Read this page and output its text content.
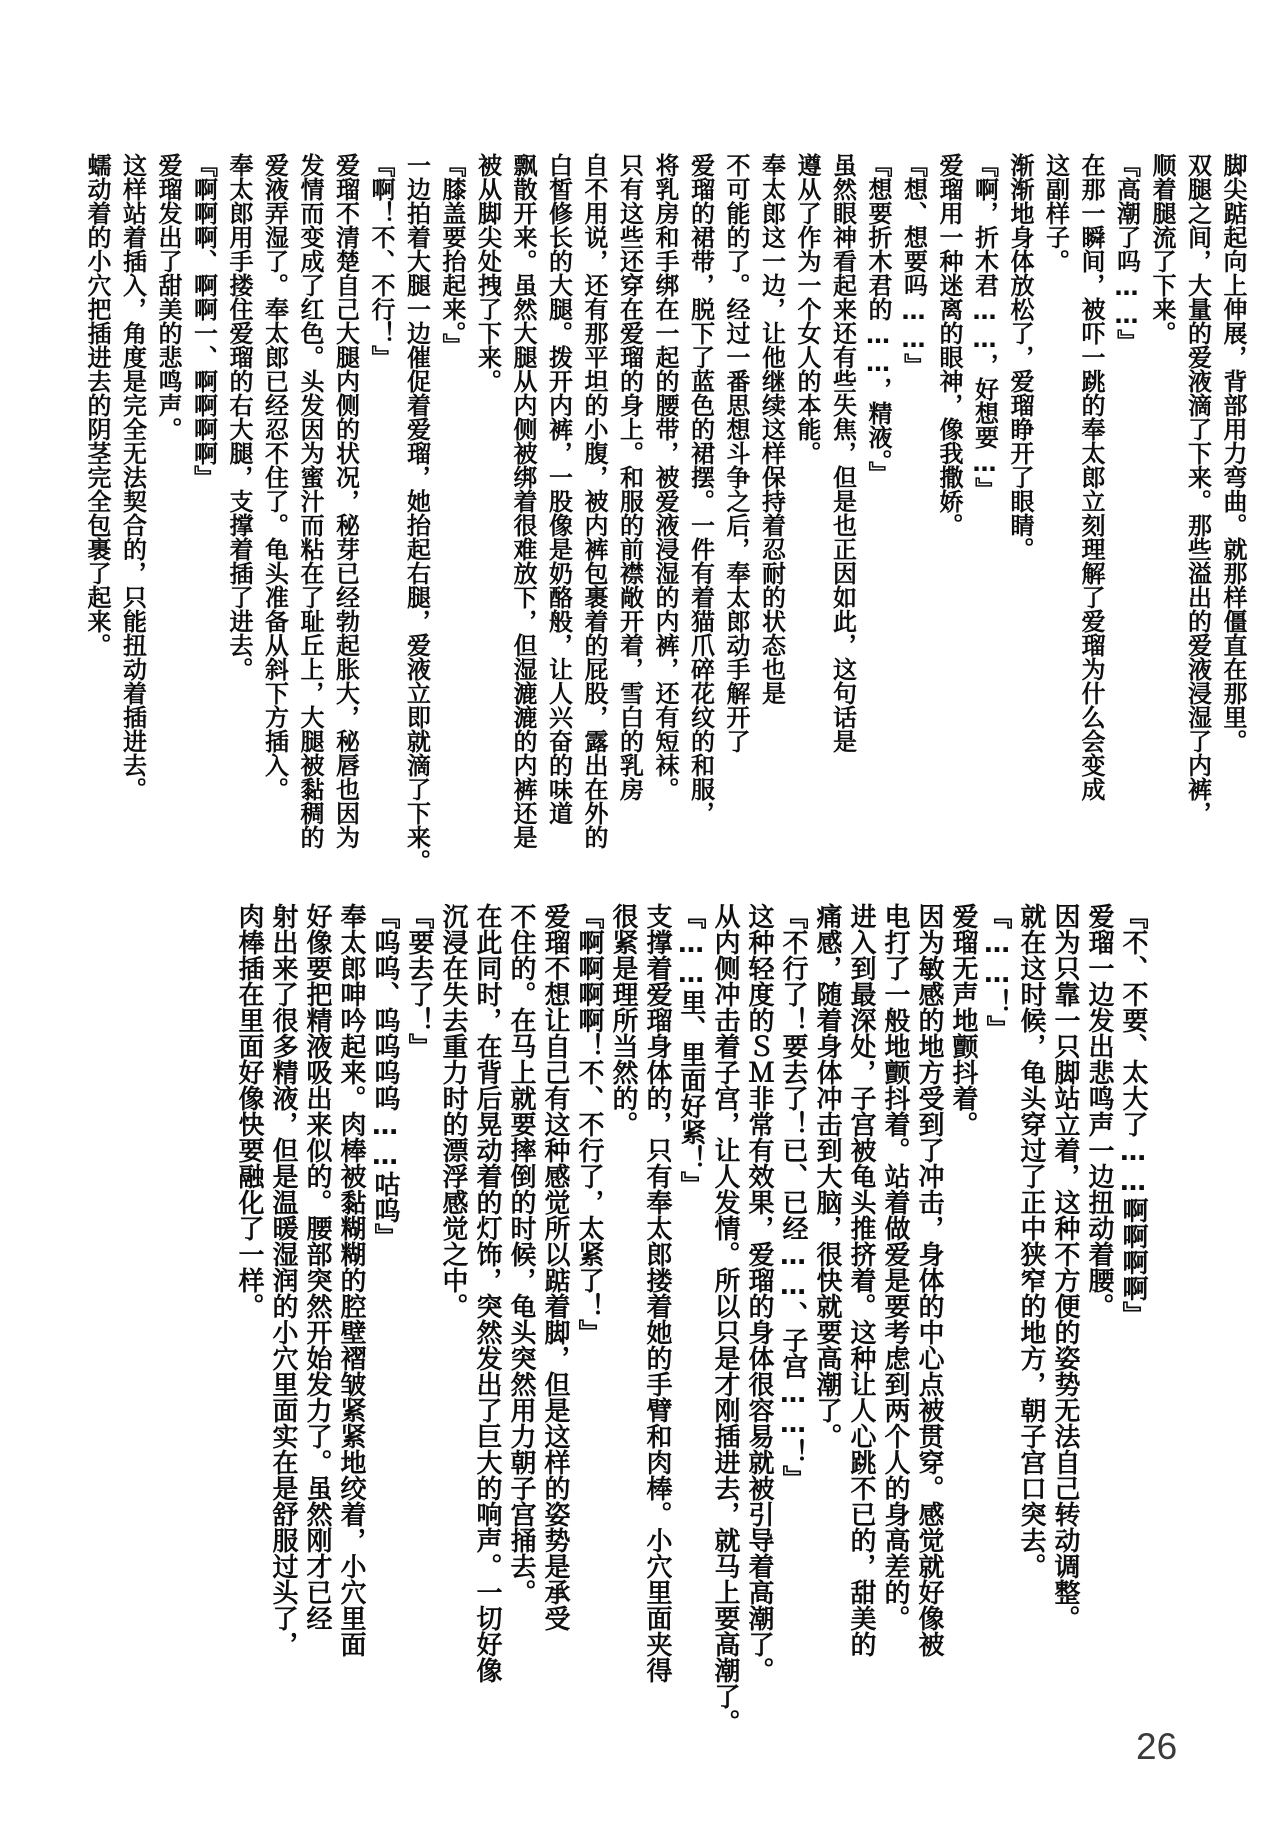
脚尖踮起向上伸展，背部用力弯曲。就那样僵直在那里。
双腿之间，大量的爱液滴了下来。那些溢出的爱液浸湿了内裤，
顺着腿流了下来。
『高潮了吗……』
在那一瞬间，被吓一跳的奉太郎立刻理解了爱瑠为什么会变成
这副样子。
渐渐地身体放松了，爱瑠睁开了眼睛。
『啊，折木君……，好想要…』
爱瑠用一种迷离的眼神，像我撒娇。
『想、想要吗……』
『想要折木君的……，精液。』
虽然眼神看起来还有些失焦，但是也正因如此，这句话是
遵从了作为一个女人的本能。
奉太郎这一边，让他继续这样保持着忍耐的状态也是
不可能的了。经过一番思想斗争之后，奉太郎动手解开了
爱瑠的裙带，脱下了蓝色的裙摆。一件有着猫爪碎花纹的和服，
将乳房和手绑在一起的腰带，被爱液浸湿的内裤，还有短袜。
只有这些还穿在爱瑠的身上。和服的前襟敞开着，雪白的乳房
自不用说，还有那平坦的小腹，被内裤包裹着的屁股，露出在外的
白皙修长的大腿。拨开内裤，一股像是奶酪般，让人兴奋的味道
飘散开来。虽然大腿从内侧被绑着很难放下，但湿漉漉的内裤还是
被从脚尖处拽了下来。
『膝盖要抬起来。』
一边拍着大腿一边催促着爱瑠，她抬起右腿，爱液立即就滴了下来。
『啊！不、不行！』
爱瑠不清楚自己大腿内侧的状况，秘芽已经勃起胀大，秘唇也因为
发情而变成了红色。头发因为蜜汁而粘在了耻丘上，大腿被黏稠的
爱液弄湿了。奉太郎已经忍不住了。龟头准备从斜下方插入。
奉太郎用手搂住爱瑠的右大腿，支撑着插了进去。
『啊啊啊、啊啊一、啊啊啊啊』
爱瑠发出了甜美的悲鸣声。
这样站着插入，角度是完全无法契合的，只能扭动着插进去。
蠕动着的小穴把插进去的阴茎完全包裹了起来。
『不、不要、太大了……啊啊啊啊』
爱瑠一边发出悲鸣声一边扭动着腰。
因为只靠一只脚站立着，这种不方便的姿势无法自己转动调整。
就在这时候，龟头穿过了正中狭窄的地方，朝子宫口突去。
『……！』
爱瑠无声地颤抖着。
因为敏感的地方受到了冲击，身体的中心点被贯穿。感觉就好像被
电打了一般地颤抖着。站着做爱是要考虑到两个人的身高差的。
进入到最深处，子宫被龟头推挤着。这种让人心跳不已的，甜美的
痛感，随着身体冲击到大脑，很快就要高潮了。
『不行了！要去了！已、已经……、子宫……！』
这种轻度的ＳＭ非常有效果，爱瑠的身体很容易就被引导着高潮了。
从内侧冲击着子宫，让人发情。所以只是才刚插进去，就马上要高潮了。
『……里、里面好紧！』
支撑着爱瑠身体的，只有奉太郎搂着她的手臂和肉棒。小穴里面夹得
很紧是理所当然的。
『啊啊啊啊！不、不行了，太紧了！』
爱瑠不想让自己有这种感觉所以踮着脚，但是这样的姿势是承受
不住的。在马上就要摔倒的时候，龟头突然用力朝子宫捅去。
在此同时，在背后晃动着的灯饰，突然发出了巨大的响声。一切好像
沉浸在失去重力时的漂浮感觉之中。
『要去了！』
『呜呜、呜呜呜呜……咕呜』
奉太郎呻吟起来。肉棒被黏糊糊的腔壁褶皱紧紧地绞着，小穴里面
好像要把精液吸出来似的。腰部突然开始发力了。虽然刚才已经
射出来了很多精液，但是温暖湿润的小穴里面实在是舒服过头了，
肉棒插在里面好像快要融化了一样。
26
